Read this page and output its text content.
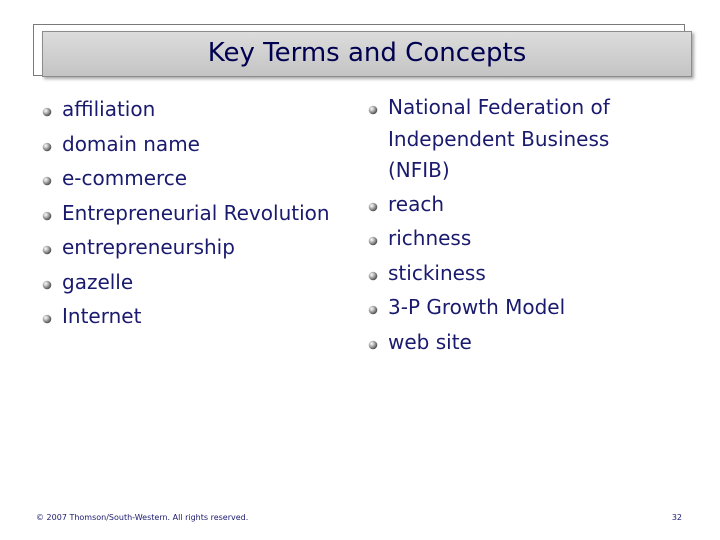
Key Terms and Concepts
affiliation
domain name
e-commerce
Entrepreneurial Revolution
entrepreneurship
gazelle
Internet
National Federation of Independent Business (NFIB)
reach
richness
stickiness
3-P Growth Model
web site
© 2007 Thomson/South-Western. All rights reserved.	32
